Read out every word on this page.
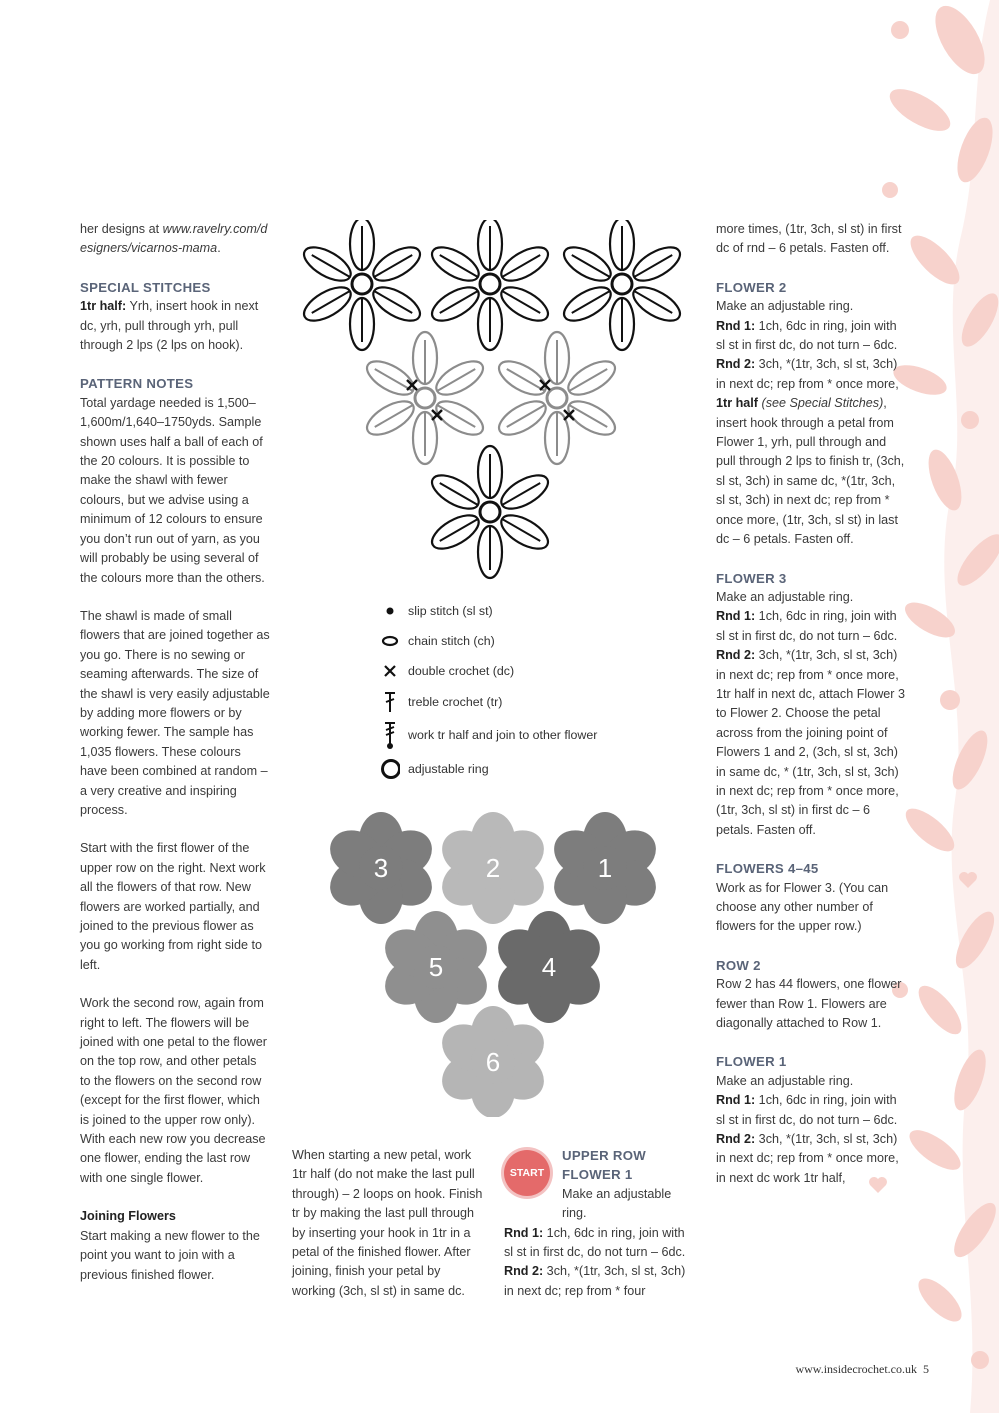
her designs at www.ravelry.com/designers/vicarnos-mama.

SPECIAL STITCHES

1tr half: Yrh, insert hook in next dc, yrh, pull through yrh, pull through 2 lps (2 lps on hook).

PATTERN NOTES

Total yardage needed is 1,500–1,600m/1,640–1750yds. Sample shown uses half a ball of each of the 20 colours. It is possible to make the shawl with fewer colours, but we advise using a minimum of 12 colours to ensure you don’t run out of yarn, as you will probably be using several of the colours more than the others.

The shawl is made of small flowers that are joined together as you go. There is no sewing or seaming afterwards. The size of the shawl is very easily adjustable by adding more flowers or by working fewer. The sample has 1,035 flowers. These colours have been combined at random – a very creative and inspiring process.

Start with the first flower of the upper row on the right. Next work all the flowers of that row. New flowers are worked partially, and joined to the previous flower as you go working from right side to left.

Work the second row, again from right to left. The flowers will be joined with one petal to the flower on the top row, and other petals to the flowers on the second row (except for the first flower, which is joined to the upper row only). With each new row you decrease one flower, ending the last row with one single flower.

Joining Flowers

Start making a new flower to the point you want to join with a previous finished flower.

slip stitch (sl st)
chain stitch (ch)
double crochet (dc)
treble crochet (tr)
work tr half and join to other flower
adjustable ring
3	2	1
5	4
6

When starting a new petal, work 1tr half (do not make the last pull through) – 2 loops on hook. Finish tr by making the last pull through by inserting your hook in 1tr in a petal of the finished flower. After joining, finish your petal by working (3ch, sl st) in same dc.

START
UPPER ROW
FLOWER 1
Make an adjustable ring.
Rnd 1: 1ch, 6dc in ring, join with sl st in first dc, do not turn – 6dc.
Rnd 2: 3ch, *(1tr, 3ch, sl st, 3ch) in next dc; rep from * four

more times, (1tr, 3ch, sl st) in first dc of rnd – 6 petals. Fasten off.

FLOWER 2
Make an adjustable ring.
Rnd 1: 1ch, 6dc in ring, join with sl st in first dc, do not turn – 6dc.

Rnd 2: 3ch, *(1tr, 3ch, sl st, 3ch) in next dc; rep from * once more, 1tr half (see Special Stitches), insert hook through a petal from Flower 1, yrh, pull through and pull through 2 lps to finish tr, (3ch, sl st, 3ch) in same dc, *(1tr, 3ch, sl st, 3ch) in next dc; rep from * once more, (1tr, 3ch, sl st) in last dc – 6 petals. Fasten off.

FLOWER 3
Make an adjustable ring.
Rnd 1: 1ch, 6dc in ring, join with sl st in first dc, do not turn – 6dc.

Rnd 2: 3ch, *(1tr, 3ch, sl st, 3ch) in next dc; rep from * once more, 1tr half in next dc, attach Flower 3 to Flower 2. Choose the petal across from the joining point of Flowers 1 and 2, (3ch, sl st, 3ch) in same dc, * (1tr, 3ch, sl st, 3ch) in next dc; rep from * once more, (1tr, 3ch, sl st) in first dc – 6 petals. Fasten off.

FLOWERS 4–45

Work as for Flower 3. (You can choose any other number of flowers for the upper row.)

ROW 2

Row 2 has 44 flowers, one flower fewer than Row 1. Flowers are diagonally attached to Row 1.

FLOWER 1
Make an adjustable ring.
Rnd 1: 1ch, 6dc in ring, join with sl st in first dc, do not turn – 6dc.
Rnd 2: 3ch, *(1tr, 3ch, sl st, 3ch) in next dc; rep from * once more, in next dc work 1tr half,
www.insidecrochet.co.uk 5
